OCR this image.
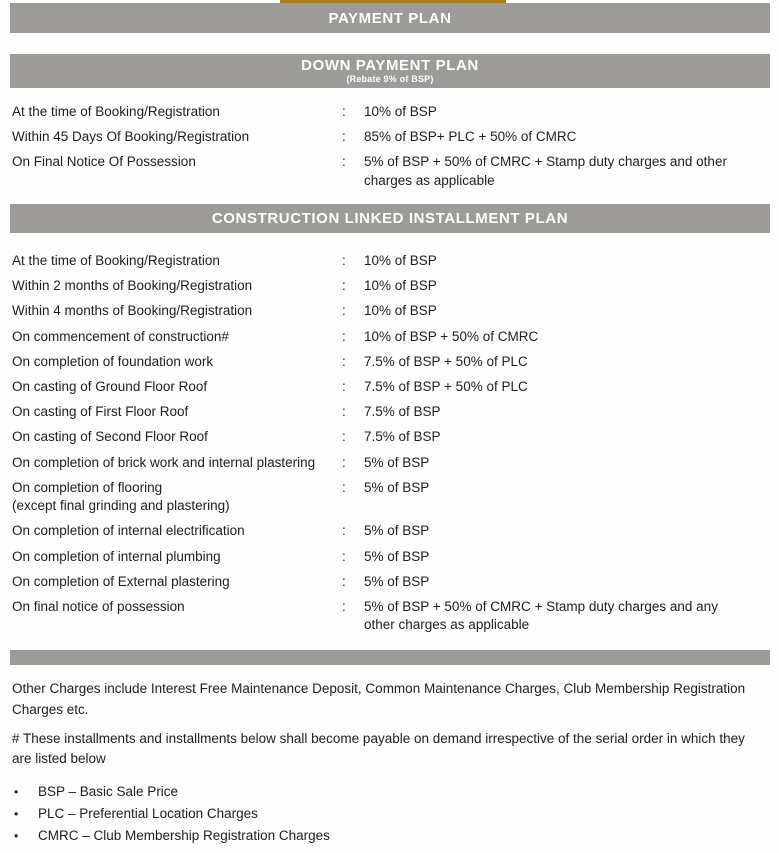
PAYMENT PLAN
DOWN PAYMENT PLAN
(Rebate 9% of BSP)
At the time of Booking/Registration	:	10% of BSP
Within 45 Days Of Booking/Registration	:	85% of BSP+ PLC + 50% of CMRC
On Final Notice Of Possession	:	5% of BSP + 50% of CMRC + Stamp duty charges and other charges as applicable
CONSTRUCTION LINKED INSTALLMENT PLAN
At the time of Booking/Registration	:	10% of BSP
Within 2 months of Booking/Registration	:	10% of BSP
Within 4 months of Booking/Registration	:	10% of BSP
On commencement of construction#	:	10% of BSP + 50% of CMRC
On completion of foundation work	:	7.5% of BSP + 50% of PLC
On casting of Ground Floor Roof	:	7.5% of BSP + 50% of PLC
On casting of First Floor Roof	:	7.5% of BSP
On casting of Second Floor Roof	:	7.5% of BSP
On completion of brick work and internal plastering	:	5% of BSP
On completion of flooring
(except final grinding and plastering)
:	5% of BSP
On completion of internal electrification	:	5% of BSP
On completion of internal plumbing	:	5% of BSP
On completion of External plastering	:	5% of BSP
On final notice of possession	:	5% of BSP + 50% of CMRC + Stamp duty charges and any other charges as applicable

Other Charges include Interest Free Maintenance Deposit, Common Maintenance Charges, Club Membership Registration Charges etc.

# These installments and installments below shall become payable on demand irrespective of the serial order in which they are listed below

•	BSP – Basic Sale Price
•	PLC – Preferential Location Charges
•	CMRC – Club Membership Registration Charges
